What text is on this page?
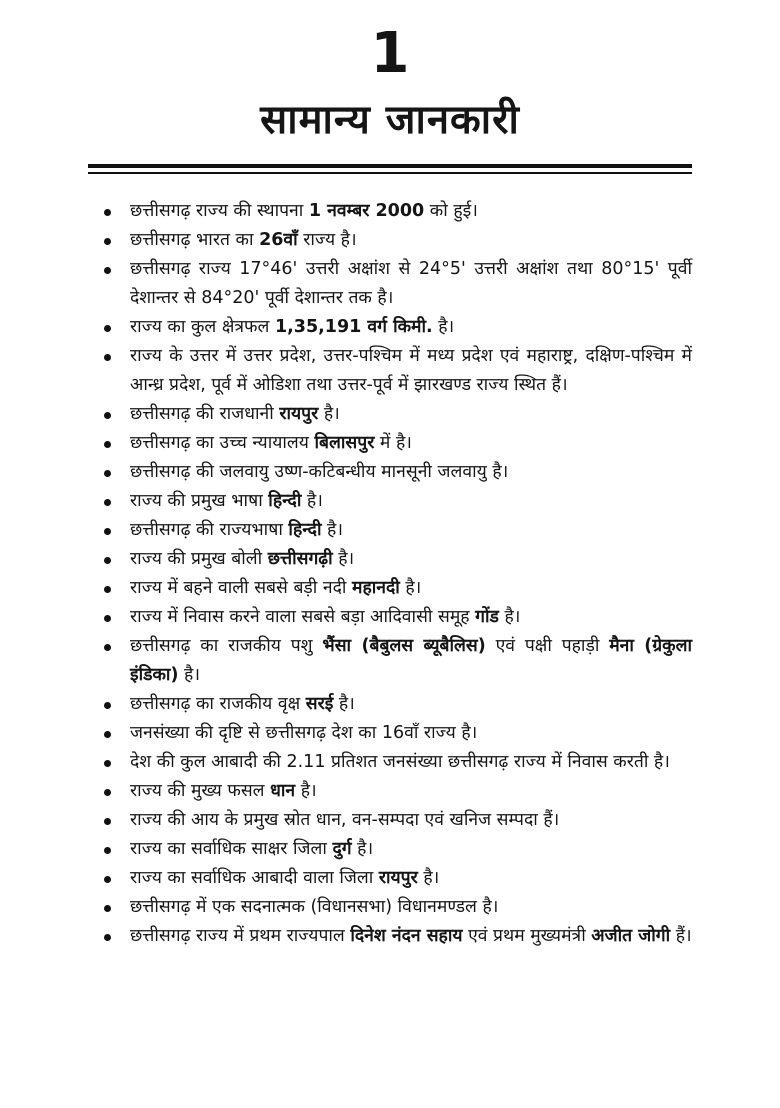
1
सामान्य जानकारी
छत्तीसगढ़ राज्य की स्थापना 1 नवम्बर 2000 को हुई।
छत्तीसगढ़ भारत का 26वाँ राज्य है।
छत्तीसगढ़ राज्य 17°46' उत्तरी अक्षांश से 24°5' उत्तरी अक्षांश तथा 80°15' पूर्वी देशान्तर से 84°20' पूर्वी देशान्तर तक है।
राज्य का कुल क्षेत्रफल 1,35,191 वर्ग किमी. है।
राज्य के उत्तर में उत्तर प्रदेश, उत्तर-पश्चिम में मध्य प्रदेश एवं महाराष्ट्र, दक्षिण-पश्चिम में आन्ध्र प्रदेश, पूर्व में ओडिशा तथा उत्तर-पूर्व में झारखण्ड राज्य स्थित हैं।
छत्तीसगढ़ की राजधानी रायपुर है।
छत्तीसगढ़ का उच्च न्यायालय बिलासपुर में है।
छत्तीसगढ़ की जलवायु उष्ण-कटिबन्धीय मानसूनी जलवायु है।
राज्य की प्रमुख भाषा हिन्दी है।
छत्तीसगढ़ की राज्यभाषा हिन्दी है।
राज्य की प्रमुख बोली छत्तीसगढ़ी है।
राज्य में बहने वाली सबसे बड़ी नदी महानदी है।
राज्य में निवास करने वाला सबसे बड़ा आदिवासी समूह गोंड है।
छत्तीसगढ़ का राजकीय पशु भैंसा (बैबुलस ब्यूबैलिस) एवं पक्षी पहाड़ी मैना (ग्रेकुला इंडिका) है।
छत्तीसगढ़ का राजकीय वृक्ष सरई है।
जनसंख्या की दृष्टि से छत्तीसगढ़ देश का 16वाँ राज्य है।
देश की कुल आबादी की 2.11 प्रतिशत जनसंख्या छत्तीसगढ़ राज्य में निवास करती है।
राज्य की मुख्य फसल धान है।
राज्य की आय के प्रमुख स्रोत धान, वन-सम्पदा एवं खनिज सम्पदा हैं।
राज्य का सर्वाधिक साक्षर जिला दुर्ग है।
राज्य का सर्वाधिक आबादी वाला जिला रायपुर है।
छत्तीसगढ़ में एक सदनात्मक (विधानसभा) विधानमण्डल है।
छत्तीसगढ़ राज्य में प्रथम राज्यपाल दिनेश नंदन सहाय एवं प्रथम मुख्यमंत्री अजीत जोगी हैं।
